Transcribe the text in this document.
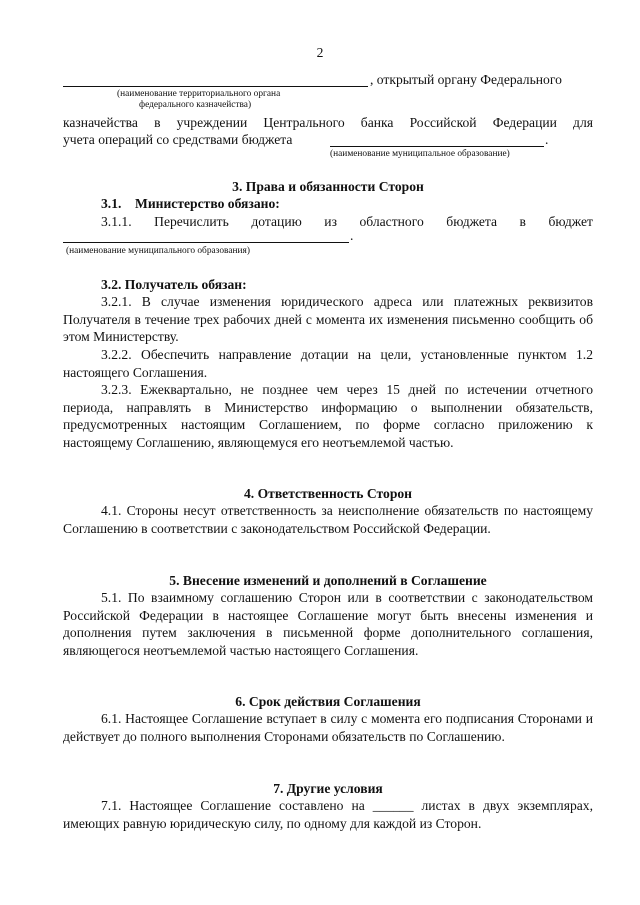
2
, открытый органу Федерального
(наименование территориального органа
федерального казначейства)
казначейства в учреждении Центрального банка Российской Федерации для
учета операций со средствами бюджета	.
(наименование муниципальное образование)
3. Права и обязанности Сторон
3.1.    Министерство обязано:
3.1.1. Перечислить дотацию из областного бюджета в бюджет
.
(наименование муниципального образования)
3.2. Получатель обязан:
3.2.1. В случае изменения юридического адреса или платежных реквизитов Получателя в течение трех рабочих дней с момента их изменения письменно сообщить об этом Министерству.
3.2.2. Обеспечить направление дотации на цели, установленные пунктом 1.2 настоящего Соглашения.
3.2.3. Ежеквартально, не позднее чем через 15 дней по истечении отчетного периода, направлять в Министерство информацию о выполнении обязательств, предусмотренных настоящим Соглашением, по форме согласно приложению к настоящему Соглашению, являющемуся его неотъемлемой частью.
4. Ответственность Сторон
4.1. Стороны несут ответственность за неисполнение обязательств по настоящему Соглашению в соответствии с законодательством Российской Федерации.
5. Внесение изменений и дополнений в Соглашение
5.1. По взаимному соглашению Сторон или в соответствии с законодательством Российской Федерации в настоящее Соглашение могут быть внесены изменения и дополнения путем заключения в письменной форме дополнительного соглашения, являющегося неотъемлемой частью настоящего Соглашения.
6. Срок действия Соглашения
6.1. Настоящее Соглашение вступает в силу с момента его подписания Сторонами и действует до полного выполнения Сторонами обязательств по Соглашению.
7. Другие условия
7.1. Настоящее Соглашение составлено на ______ листах в двух экземплярах, имеющих равную юридическую силу, по одному для каждой из Сторон.
